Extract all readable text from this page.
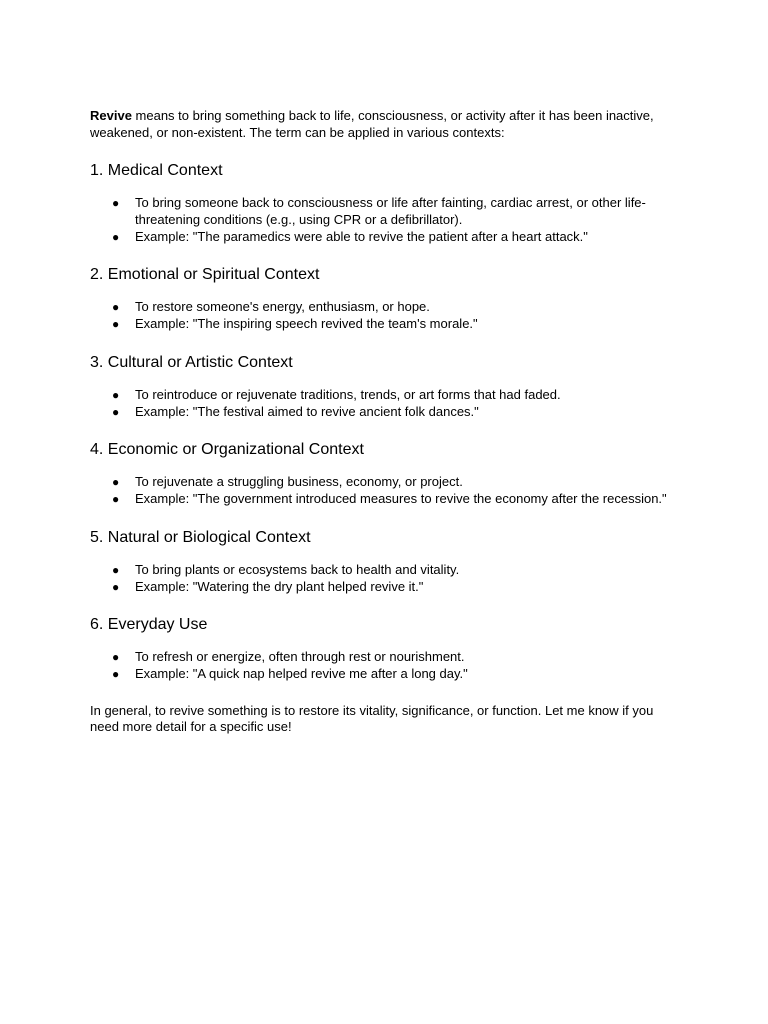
Revive means to bring something back to life, consciousness, or activity after it has been inactive, weakened, or non-existent. The term can be applied in various contexts:

1. Medical Context
● To bring someone back to consciousness or life after fainting, cardiac arrest, or other life-threatening conditions (e.g., using CPR or a defibrillator).
● Example: "The paramedics were able to revive the patient after a heart attack."
2. Emotional or Spiritual Context
● To restore someone's energy, enthusiasm, or hope.
● Example: "The inspiring speech revived the team's morale."
3. Cultural or Artistic Context
● To reintroduce or rejuvenate traditions, trends, or art forms that had faded.
● Example: "The festival aimed to revive ancient folk dances."
4. Economic or Organizational Context
● To rejuvenate a struggling business, economy, or project.
● Example: "The government introduced measures to revive the economy after the recession."
5. Natural or Biological Context
● To bring plants or ecosystems back to health and vitality.
● Example: "Watering the dry plant helped revive it."
6. Everyday Use
● To refresh or energize, often through rest or nourishment.
● Example: "A quick nap helped revive me after a long day."

In general, to revive something is to restore its vitality, significance, or function. Let me know if you need more detail for a specific use!
